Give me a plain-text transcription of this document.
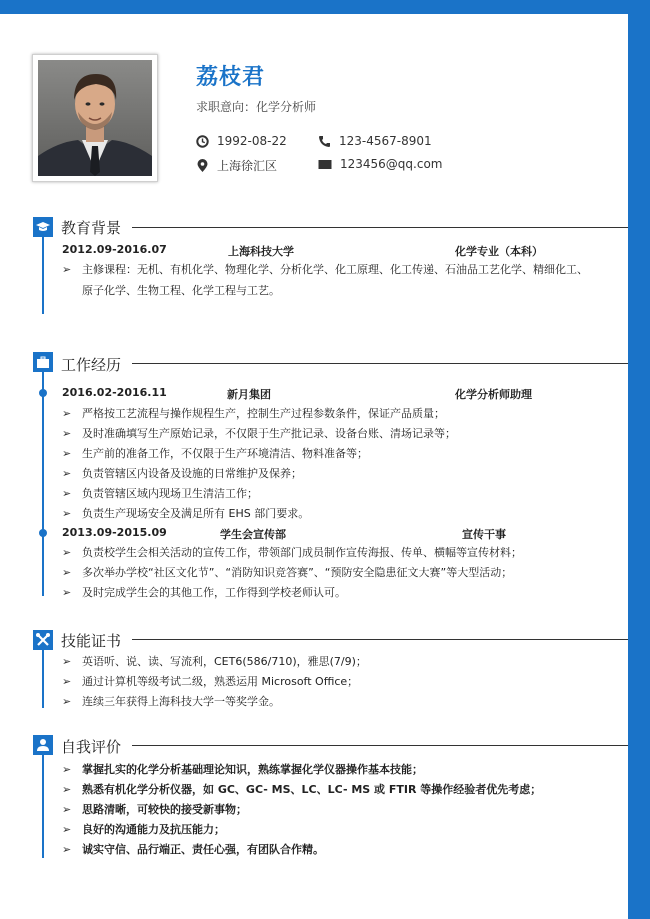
荔枝君
求职意向：化学分析师
1992-08-22	123-4567-8901
上海徐汇区	123456@qq.com
教育背景
2012.09-2016.07	上海科技大学	化学专业（本科）
➢ 主修课程：无机、有机化学、物理化学、分析化学、化工原理、化工传递、石油品工艺化学、精细化工、
原子化学、生物工程、化学工程与工艺。
工作经历
2016.02-2016.11	新月集团	化学分析师助理
➢ 严格按工艺流程与操作规程生产，控制生产过程参数条件，保证产品质量；
➢ 及时准确填写生产原始记录，不仅限于生产批记录、设备台账、清场记录等；
➢ 生产前的准备工作，不仅限于生产环境清洁、物料准备等；
➢ 负责管辖区内设备及设施的日常维护及保养；
➢ 负责管辖区域内现场卫生清洁工作；
➢ 负责生产现场安全及满足所有 EHS 部门要求。
2013.09-2015.09	学生会宣传部	宣传干事
➢ 负责校学生会相关活动的宣传工作，带领部门成员制作宣传海报、传单、横幅等宣传材料；
➢ 多次举办学校“社区文化节”、“消防知识竞答赛”、“预防安全隐患征文大赛”等大型活动；
➢ 及时完成学生会的其他工作，工作得到学校老师认可。
技能证书
➢ 英语听、说、读、写流利，CET6(586/710)，雅思(7/9)；
➢ 通过计算机等级考试二级，熟悉运用 Microsoft Office；
➢ 连续三年获得上海科技大学一等奖学金。
自我评价
➢ 掌握扎实的化学分析基础理论知识，熟练掌握化学仪器操作基本技能；
➢ 熟悉有机化学分析仪器，如 GC、GC- MS、LC、LC- MS 或 FTIR 等操作经验者优先考虑；
➢ 思路清晰，可较快的接受新事物；
➢ 良好的沟通能力及抗压能力；
➢ 诚实守信、品行端正、责任心强，有团队合作精。
